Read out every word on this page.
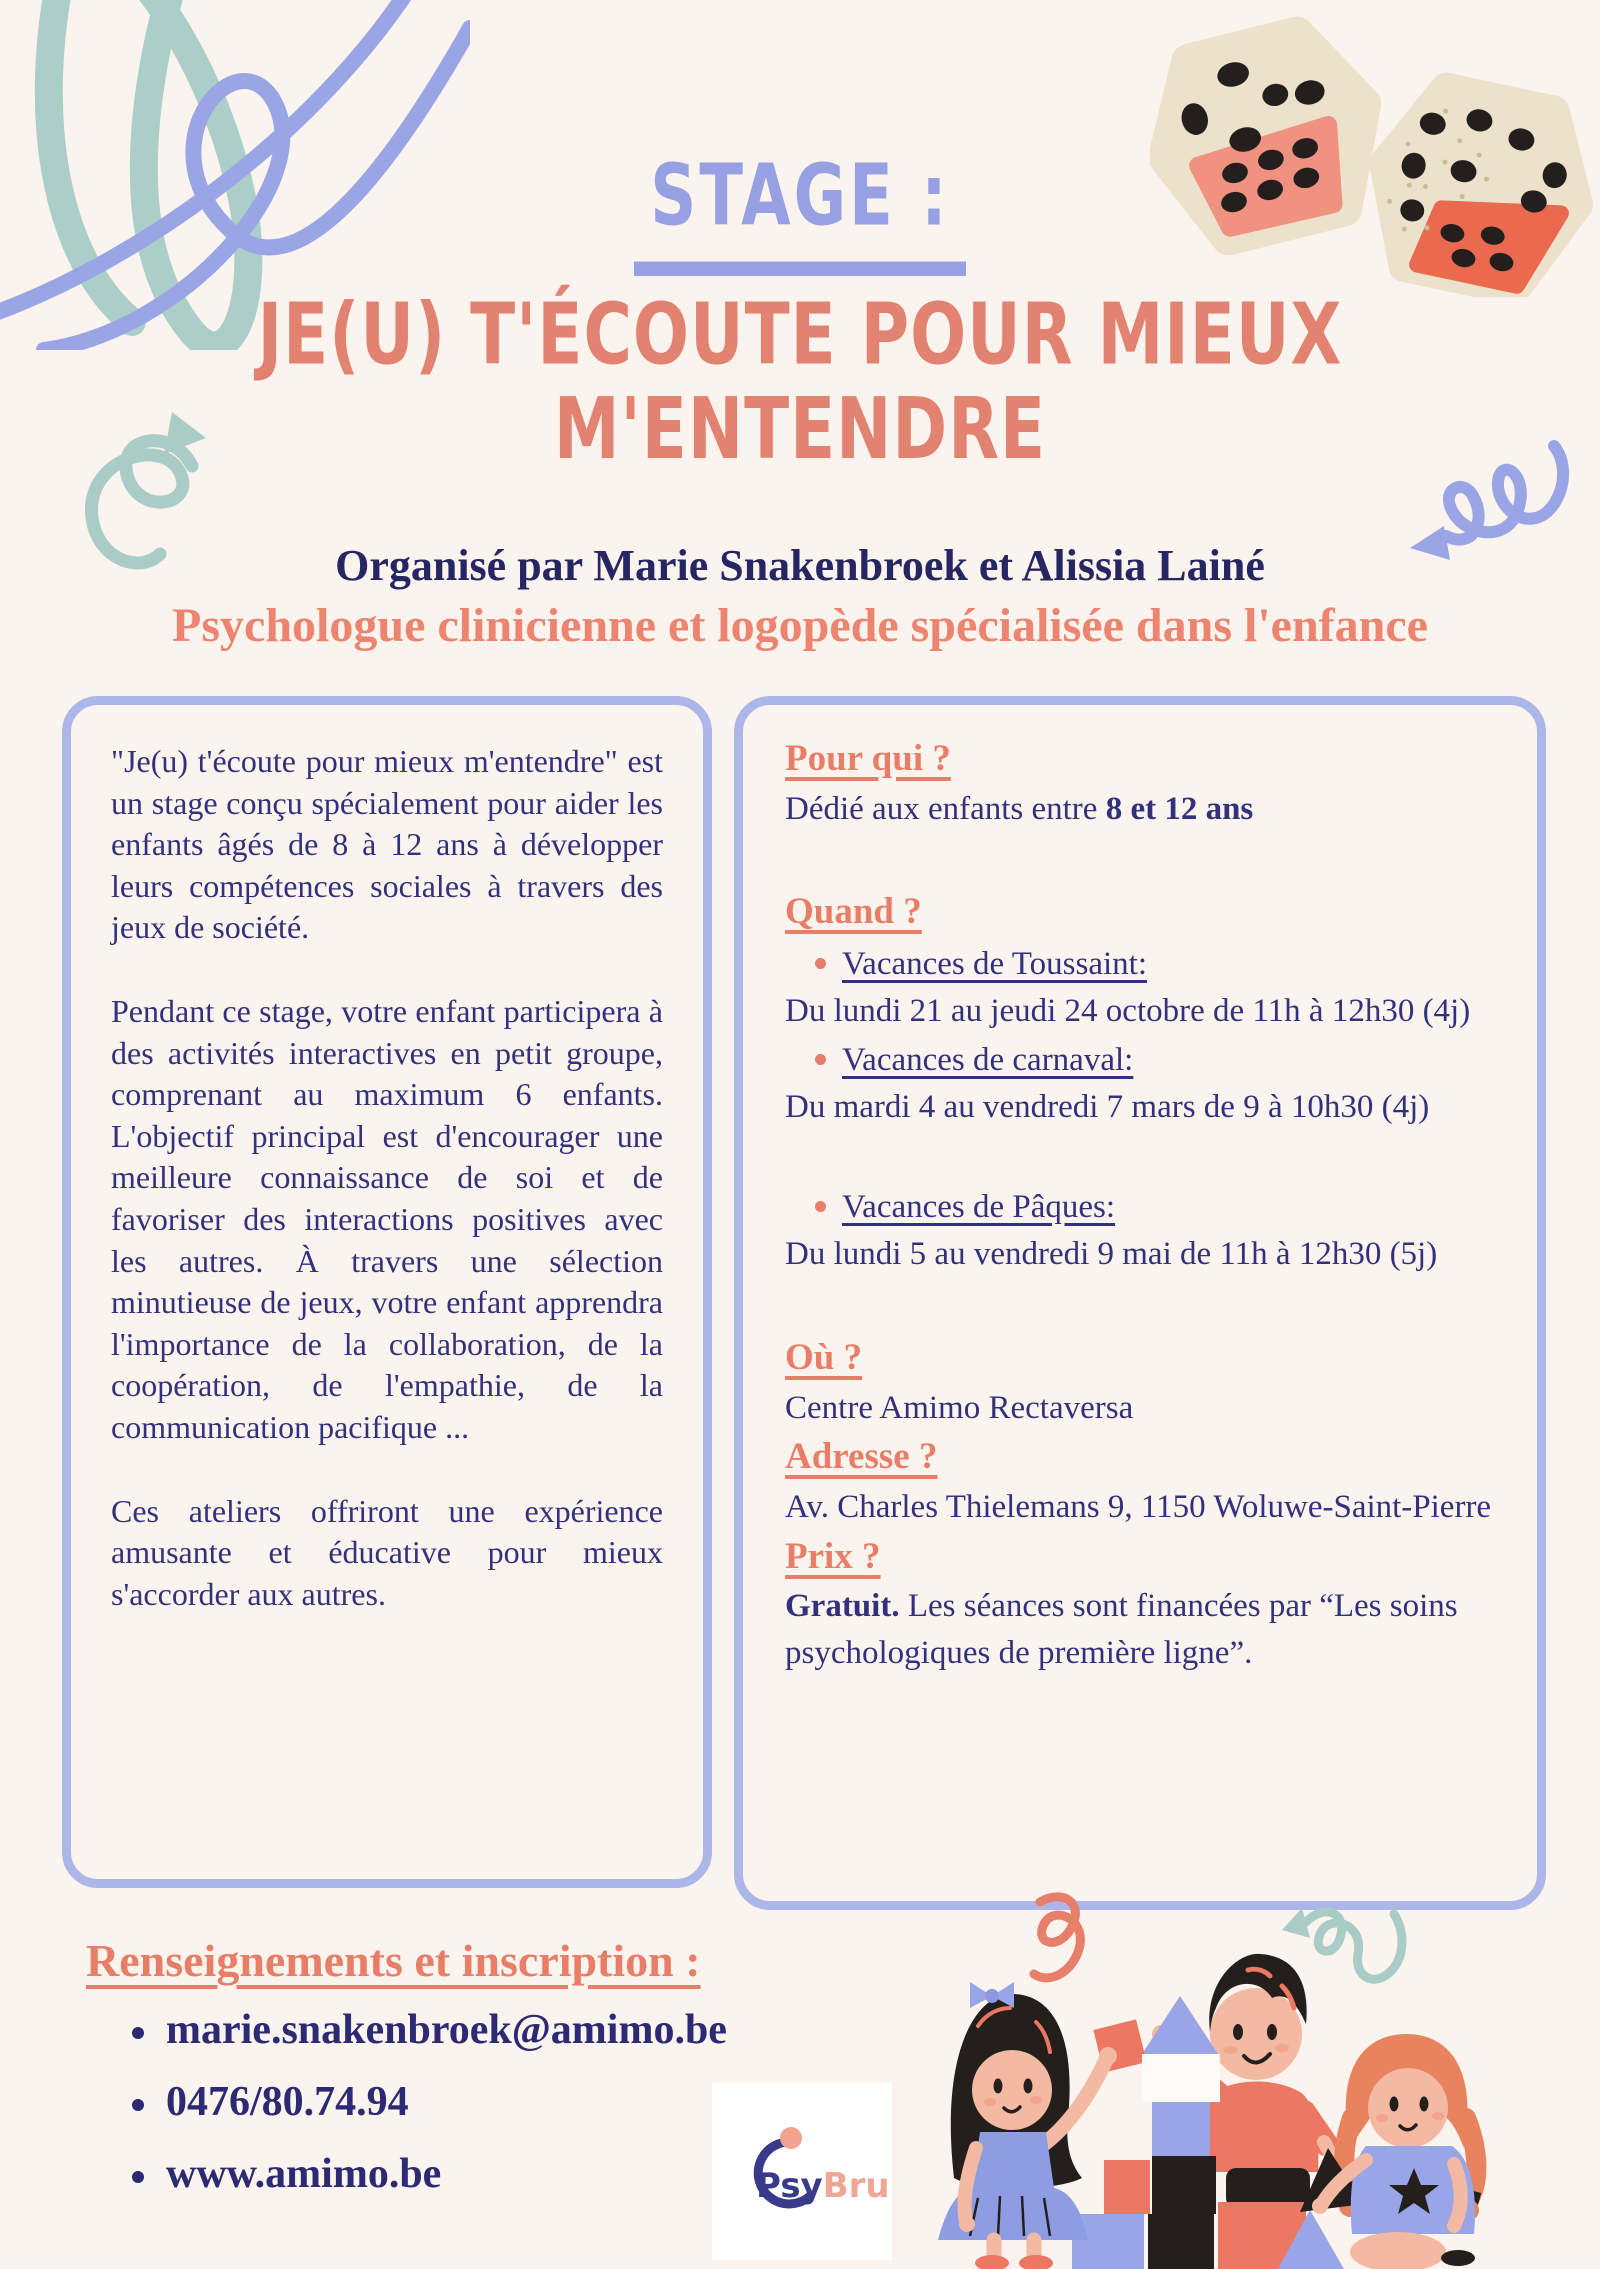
STAGE :
JE(U) T'ÉCOUTE POUR MIEUX M'ENTENDRE
Organisé par Marie Snakenbroek et Alissia Lainé
Psychologue clinicienne et logopède spécialisée dans l'enfance

"Je(u) t'écoute pour mieux m'entendre" est un stage conçu spécialement pour aider les enfants âgés de 8 à 12 ans à développer leurs compétences sociales à travers des jeux de société.

Pendant ce stage, votre enfant participera à des activités interactives en petit groupe, comprenant au maximum 6 enfants. L'objectif principal est d'encourager une meilleure connaissance de soi et de favoriser des interactions positives avec les autres. À travers une sélection minutieuse de jeux, votre enfant apprendra l'importance de la collaboration, de la coopération, de l'empathie, de la communication pacifique ...

Ces ateliers offriront une expérience amusante et éducative pour mieux s'accorder aux autres.

Pour qui ?
Dédié aux enfants entre 8 et 12 ans
Quand ?
Vacances de Toussaint:
Du lundi 21 au jeudi 24 octobre de 11h à 12h30 (4j)
Vacances de carnaval:
Du mardi 4 au vendredi 7 mars de 9 à 10h30 (4j)
Vacances de Pâques:
Du lundi 5 au vendredi 9 mai de 11h à 12h30 (5j)
Où ?
Centre Amimo Rectaversa
Adresse ?
Av. Charles Thielemans 9, 1150 Woluwe-Saint-Pierre
Prix ?
Gratuit. Les séances sont financées par “Les soins psychologiques de première ligne”.
Renseignements et inscription :
marie.snakenbroek@amimo.be
0476/80.74.94
www.amimo.be	PsyBru
